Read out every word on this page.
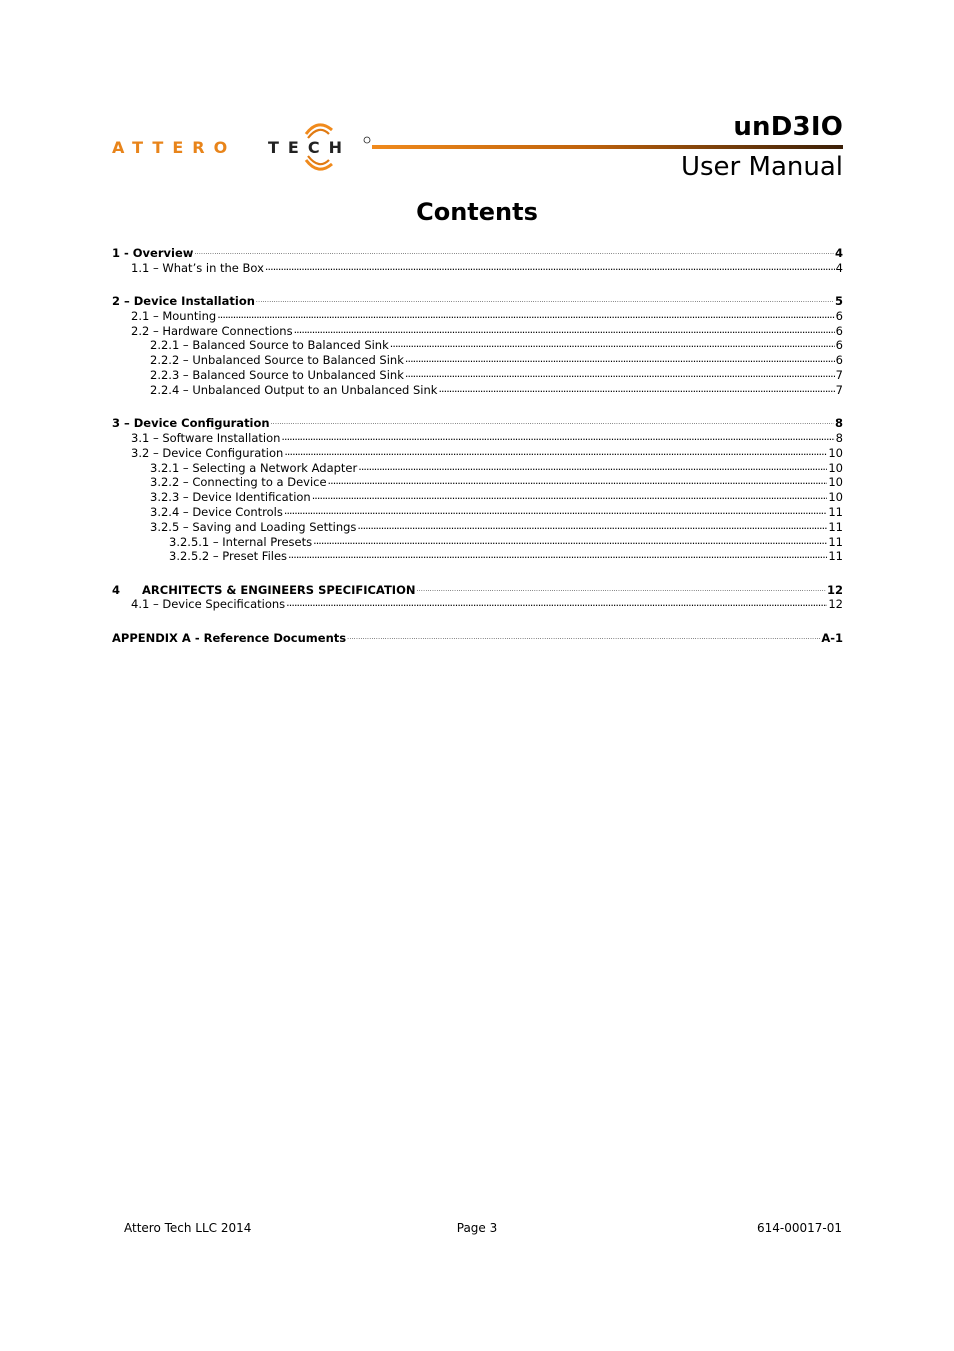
ATTERO TECH
unD3IO
User Manual
Contents
1 - Overview . . .	4
1.1 – What’s in the Box . . .	4
2 – Device Installation . . .	5
2.1 – Mounting . . .	6
2.2 – Hardware Connections . . .	6
2.2.1 – Balanced Source to Balanced Sink . . .	6
2.2.2 – Unbalanced Source to Balanced Sink . . .	6
2.2.3 – Balanced Source to Unbalanced Sink . . .	7
2.2.4 – Unbalanced Output to an Unbalanced Sink . . .	7
3 – Device Configuration . . .	8
3.1 – Software Installation . . .	8
3.2 – Device Configuration . . .	10
3.2.1 – Selecting a Network Adapter . . .	10
3.2.2 – Connecting to a Device . . .	10
3.2.3 – Device Identification . . .	10
3.2.4 – Device Controls . . .	11
3.2.5 – Saving and Loading Settings . . .	11
3.2.5.1 – Internal Presets . . .	11
3.2.5.2 – Preset Files . . .	11
4	ARCHITECTS & ENGINEERS SPECIFICATION . . .	12
4.1 – Device Specifications . . .	12
APPENDIX A - Reference Documents . . .	A-1
Attero Tech LLC 2014	Page 3	614-00017-01
